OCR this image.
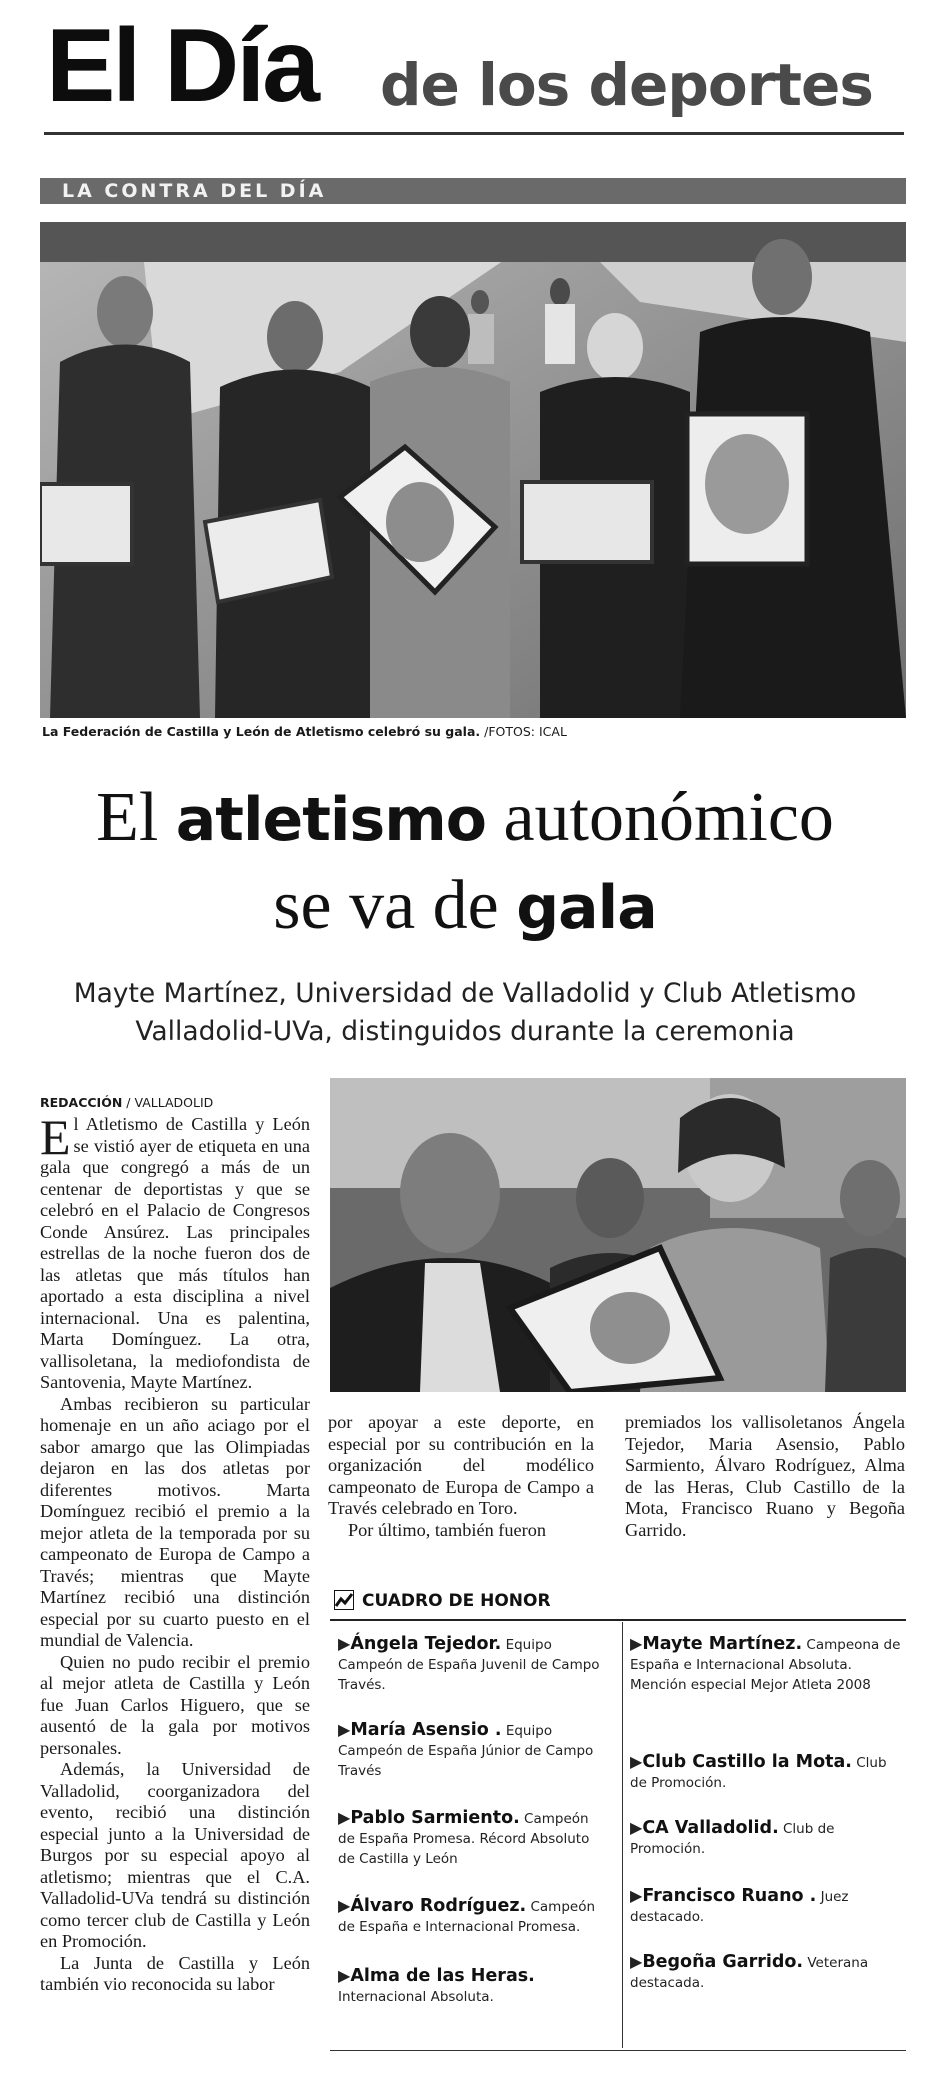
El Día de los deportes
LA CONTRA DEL DÍA
La Federación de Castilla y León de Atletismo celebró su gala. /FOTOS: ICAL
El atletismo autonómico
se va de gala
Mayte Martínez, Universidad de Valladolid y Club Atletismo
Valladolid-UVa, distinguidos durante la ceremonia
REDACCIÓN / VALLADOLID

El Atletismo de Castilla y León se vistió ayer de etiqueta en una gala que congregó a más de un centenar de deportistas y que se celebró en el Palacio de Congresos Conde Ansúrez. Las principales estrellas de la noche fueron dos de las atletas que más títulos han aportado a esta disciplina a nivel internacional. Una es palentina, Marta Domínguez. La otra, vallisoletana, la mediofondista de Santovenia, Mayte Martínez.

Ambas recibieron su particular homenaje en un año aciago por el sabor amargo que las Olimpiadas dejaron en las dos atletas por diferentes motivos. Marta Domínguez recibió el premio a la mejor atleta de la temporada por su campeonato de Europa de Campo a Través; mientras que Mayte Martínez recibió una distinción especial por su cuarto puesto en el mundial de Valencia.

Quien no pudo recibir el premio al mejor atleta de Castilla y León fue Juan Carlos Higuero, que se ausentó de la gala por motivos personales.

Además, la Universidad de Valladolid, coorganizadora del evento, recibió una distinción especial junto a la Universidad de Burgos por su especial apoyo al atletismo; mientras que el C.A. Valladolid-UVa tendrá su distinción como tercer club de Castilla y León en Promoción.

La Junta de Castilla y León también vio reconocida su labor

por apoyar a este deporte, en especial por su contribución en la organización del modélico campeonato de Europa de Campo a Través celebrado en Toro.

Por último, también fueron

premiados los vallisoletanos Ángela Tejedor, Maria Asensio, Pablo Sarmiento, Álvaro Rodríguez, Alma de las Heras, Club Castillo de la Mota, Francisco Ruano y Begoña Garrido.

CUADRO DE HONOR
▶Ángela Tejedor. Equipo Campeón de España Juvenil de Campo Través.
▶María Asensio . Equipo Campeón de España Júnior de Campo Través
▶Pablo Sarmiento. Campeón de España Promesa. Récord Absoluto de Castilla y León
▶Álvaro Rodríguez. Campeón de España e Internacional Promesa.
▶Alma de las Heras. Internacional Absoluta.
▶Mayte Martínez. Campeona de España e Internacional Absoluta. Mención especial Mejor Atleta 2008
▶Club Castillo la Mota. Club de Promoción.
▶CA Valladolid. Club de Promoción.
▶Francisco Ruano . Juez destacado.
▶Begoña Garrido. Veterana destacada.
